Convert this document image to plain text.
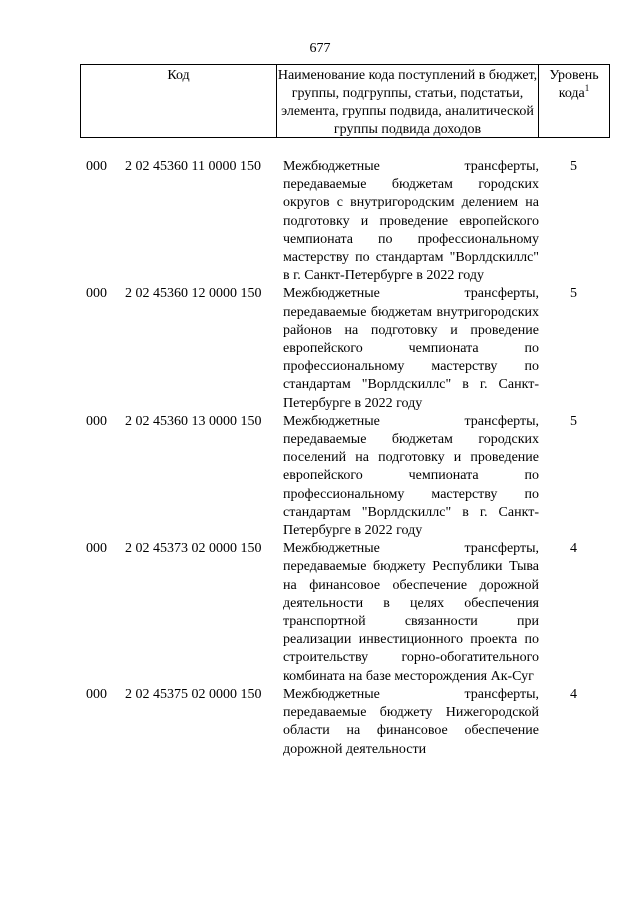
677
Код	Наименование кода поступлений в бюджет, группы, подгруппы, статьи, подстатьи, элемента, группы подвида, аналитической группы подвида доходов
Уровень кода$^1$
000 2 02 45360 11 0000 150 Межбюджетные трансферты, передаваемые бюджетам городских округов с внутригородским делением на подготовку и проведение европейского чемпионата по профессиональному мастерству по стандартам "Ворлдскиллс" в г. Санкт-Петербурге в 2022 году
5
000 2 02 45360 12 0000 150 Межбюджетные трансферты, передаваемые бюджетам внутригородских районов на подготовку и проведение европейского чемпионата по профессиональному мастерству по стандартам "Ворлдскиллс" в г. Санкт-Петербурге в 2022 году
5
000 2 02 45360 13 0000 150 Межбюджетные трансферты, передаваемые бюджетам городских поселений на подготовку и проведение европейского чемпионата по профессиональному мастерству по стандартам "Ворлдскиллс" в г. Санкт-Петербурге в 2022 году
5
000 2 02 45373 02 0000 150 Межбюджетные трансферты, передаваемые бюджету Республики Тыва на финансовое обеспечение дорожной деятельности в целях обеспечения транспортной связанности при реализации инвестиционного проекта по строительству горно-обогатительного комбината на базе месторождения Ак-Суг
4
000 2 02 45375 02 0000 150 Межбюджетные трансферты, передаваемые бюджету Нижегородской области на финансовое обеспечение дорожной деятельности
4
